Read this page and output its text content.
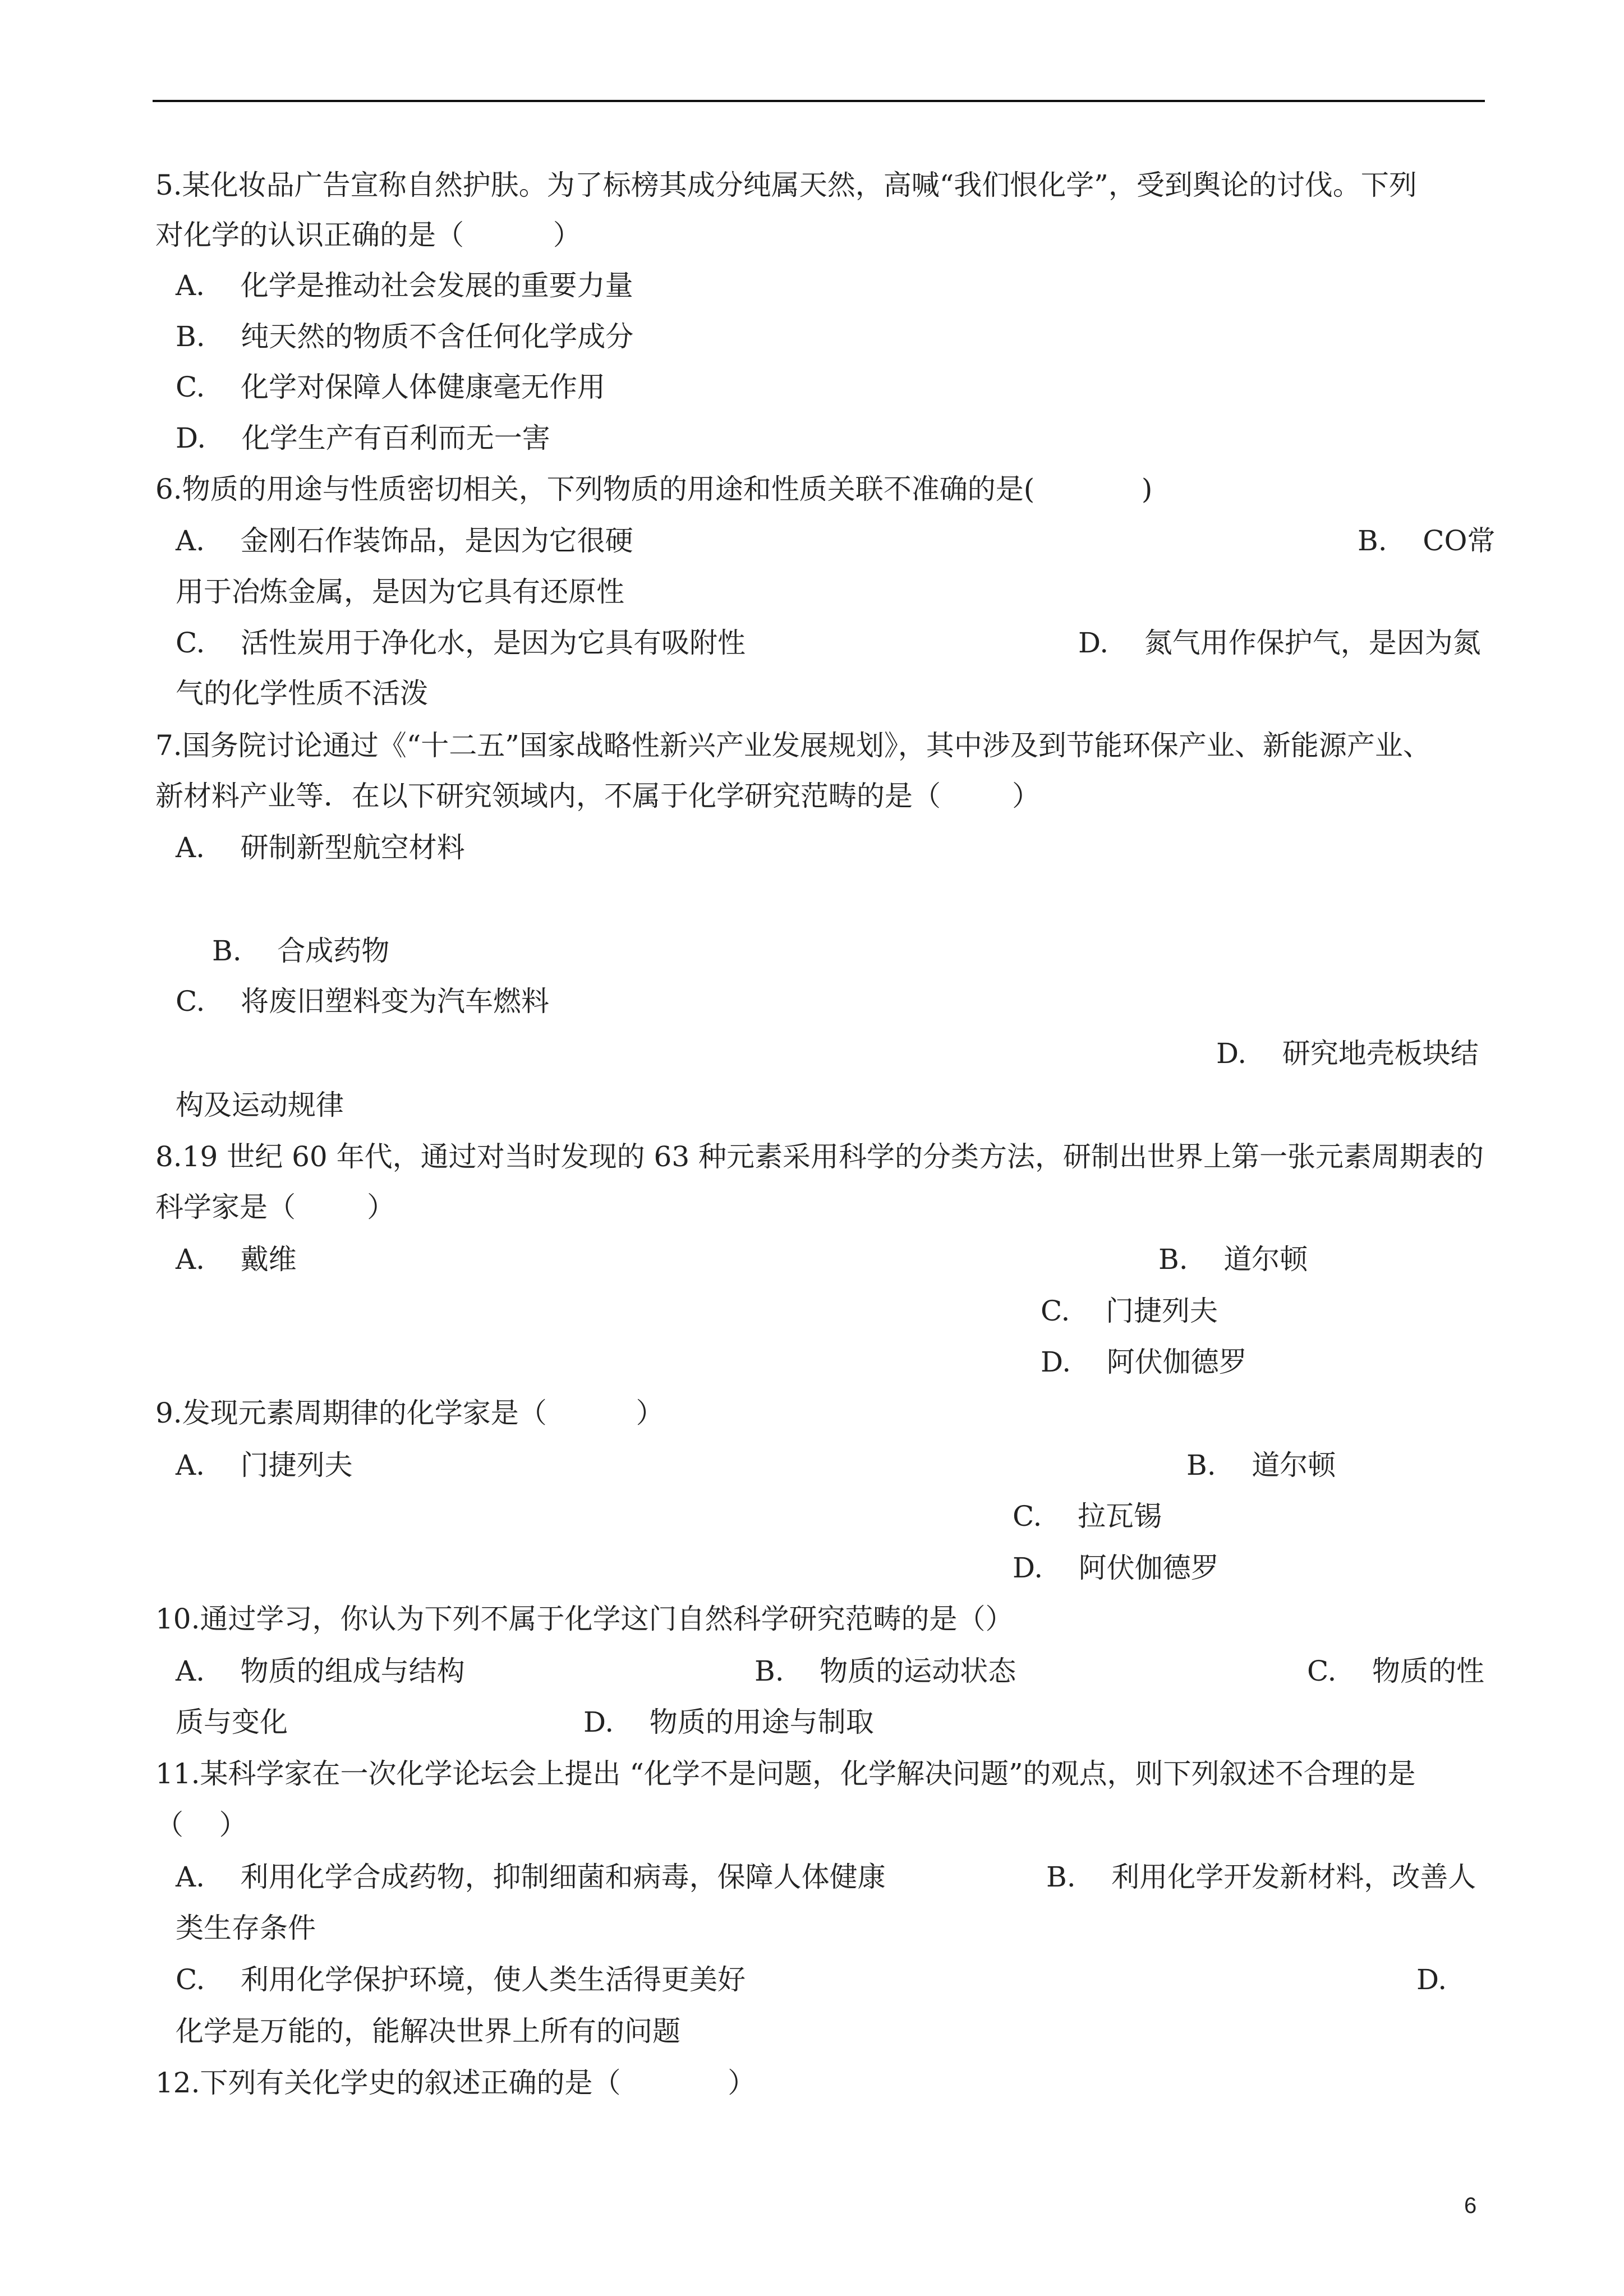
5.某化妆品广告宣称自然护肤。为了标榜其成分纯属天然，高喊“我们恨化学”，受到舆论的讨伐。下列
对化学的认识正确的是（          ）
A.    化学是推动社会发展的重要力量
B.    纯天然的物质不含任何化学成分
C.    化学对保障人体健康毫无作用
D.    化学生产有百利而无一害
6.物质的用途与性质密切相关，下列物质的用途和性质关联不准确的是(            )
A.    金刚石作装饰品，是因为它很硬	B.    CO常
用于冶炼金属，是因为它具有还原性
C.    活性炭用于净化水，是因为它具有吸附性	D.    氮气用作保护气，是因为氮
气的化学性质不活泼
7.国务院讨论通过《“十二五”国家战略性新兴产业发展规划》，其中涉及到节能环保产业、新能源产业、
新材料产业等．在以下研究领域内，不属于化学研究范畴的是（        ）
A.    研制新型航空材料
B.    合成药物
C.    将废旧塑料变为汽车燃料
D.    研究地壳板块结
构及运动规律
8.19 世纪 60 年代，通过对当时发现的 63 种元素采用科学的分类方法，研制出世界上第一张元素周期表的
科学家是（        ）
A.    戴维	B.    道尔顿
C.    门捷列夫
D.    阿伏伽德罗
9.发现元素周期律的化学家是（          ）
A.    门捷列夫	B.    道尔顿
C.    拉瓦锡
D.    阿伏伽德罗
10.通过学习，你认为下列不属于化学这门自然科学研究范畴的是（）
A.    物质的组成与结构	B.    物质的运动状态	C.    物质的性
质与变化	D.    物质的用途与制取
11.某科学家在一次化学论坛会上提出 “化学不是问题，化学解决问题”的观点，则下列叙述不合理的是
（    ）
A.    利用化学合成药物，抑制细菌和病毒，保障人体健康	B.    利用化学开发新材料，改善人
类生存条件
C.    利用化学保护环境，使人类生活得更美好	D.
化学是万能的，能解决世界上所有的问题
12.下列有关化学史的叙述正确的是（            ）
6
